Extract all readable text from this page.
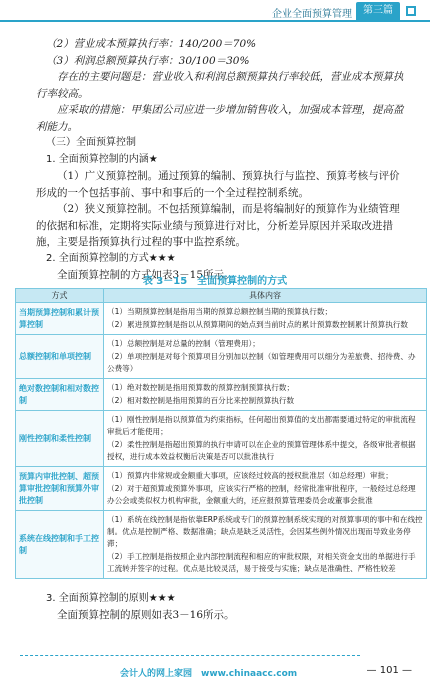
企业全面预算管理	第三篇

（2）营业成本预算执行率：140/200＝70%

（3）利润总额预算执行率：30/100＝30%

存在的主要问题是：营业收入和利润总额预算执行率较低，营业成本预算执行率较高。

应采取的措施：甲集团公司应进一步增加销售收入，加强成本管理，提高盈利能力。

（三）全面预算控制

1. 全面预算控制的内涵★

（1）广义预算控制。通过预算的编制、预算执行与监控、预算考核与评价形成的一个包括事前、事中和事后的一个全过程控制系统。

（2）狭义预算控制。不包括预算编制，而是将编制好的预算作为业绩管理的依据和标准，定期将实际业绩与预算进行对比，分析差异原因并采取改进措施，主要是指预算执行过程的事中监控系统。

2. 全面预算控制的方式★★★

全面预算控制的方式如表3－15所示。

表 3－15　全面预算控制的方式
方式	具体内容
当期预算控制和累计预算控制	（1）当期预算控制是指用当期的预算总额控制当期的预算执行数；
（2）累进预算控制是指以从预算期间的始点到当前时点的累计预算数控制累计预算执行数

总额控制和单项控制	（1）总额控制是对总量的控制（管理费用）；
（2）单项控制是对每个预算项目分别加以控制（如管理费用可以细分为差旅费、招待费、办公费等）

绝对数控制和相对数控制	（1）绝对数控制是指用预算数的预算控制预算执行数；
（2）相对数控制是指用预算的百分比来控制预算执行数

刚性控制和柔性控制	（1）刚性控制是指以预算值为约束指标，任何超出预算值的支出都需要通过特定的审批流程审批后才能使用；
（2）柔性控制是指超出预算的执行申请可以在企业的预算管理体系中提交，各级审批者根据授权，进行成本效益权衡后决策是否可以批准执行

预算内审批控制、超预算审批控制和预算外审批控制	（1）预算内非常规或金额重大事项，应该经过较高的授权批准层（如总经理）审批；
（2）对于超预算或预算外事项，应该实行严格的控制，经常批准审批程序，一般经过总经理办公会或类似权力机构审批，金额重大的，还应报预算管理委员会或董事会批准

系统在线控制和手工控制	（1）系统在线控制是指依靠ERP系统或专门的预算控制系统实现的对预算事项的事中和在线控制。优点是控制严格、数据准确；缺点是缺乏灵活性，会因某些例外情况出现而导致业务停滞；
（2）手工控制是指按照企业内部控制流程和相应的审批权限，对相关资金支出的单据进行手工流转并签字的过程。优点是比较灵活，易于接受与实施；缺点是准确性、严格性较差

3. 全面预算控制的原则★★★

全面预算控制的原则如表3－16所示。

会计人的网上家园　www.chinaacc.com	— 101 —
